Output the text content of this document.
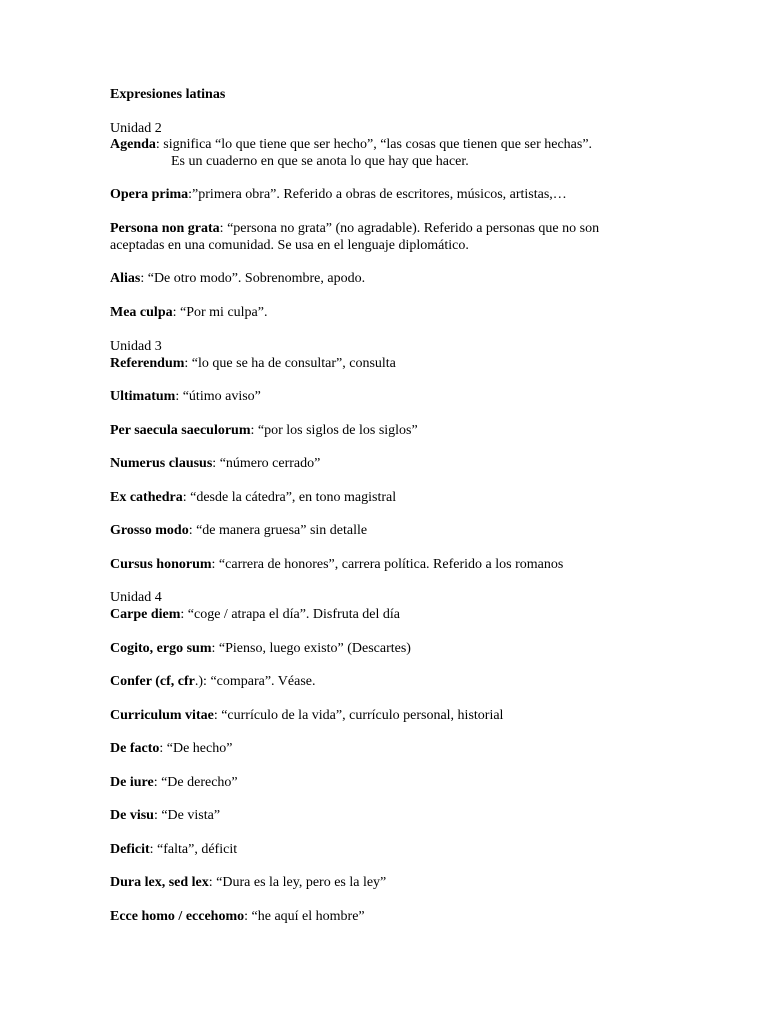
Expresiones latinas
Unidad 2
Agenda: significa “lo que tiene que ser hecho”, “las cosas que tienen que ser hechas”.
Es un cuaderno en que se anota lo que hay que hacer.
Opera prima:”primera obra”. Referido a obras de escritores, músicos, artistas,…
Persona non grata: “persona no grata” (no agradable). Referido a personas que no son
aceptadas en una comunidad. Se usa en el lenguaje diplomático.
Alias: “De otro modo”. Sobrenombre, apodo.
Mea culpa: “Por mi culpa”.
Unidad 3
Referendum: “lo que se ha de consultar”, consulta
Ultimatum: “útimo aviso”
Per saecula saeculorum: “por los siglos de los siglos”
Numerus clausus: “número cerrado”
Ex cathedra: “desde la cátedra”, en tono magistral
Grosso modo: “de manera gruesa” sin detalle
Cursus honorum: “carrera de honores”, carrera política. Referido a los romanos
Unidad 4
Carpe diem: “coge / atrapa el día”. Disfruta del día
Cogito, ergo sum: “Pienso, luego existo” (Descartes)
Confer (cf, cfr.): “compara”. Véase.
Curriculum vitae: “currículo de la vida”, currículo personal, historial
De facto: “De hecho”
De iure: “De derecho”
De visu: “De vista”
Deficit: “falta”, déficit
Dura lex, sed lex: “Dura es la ley, pero es la ley”
Ecce homo / eccehomo: “he aquí el hombre”
